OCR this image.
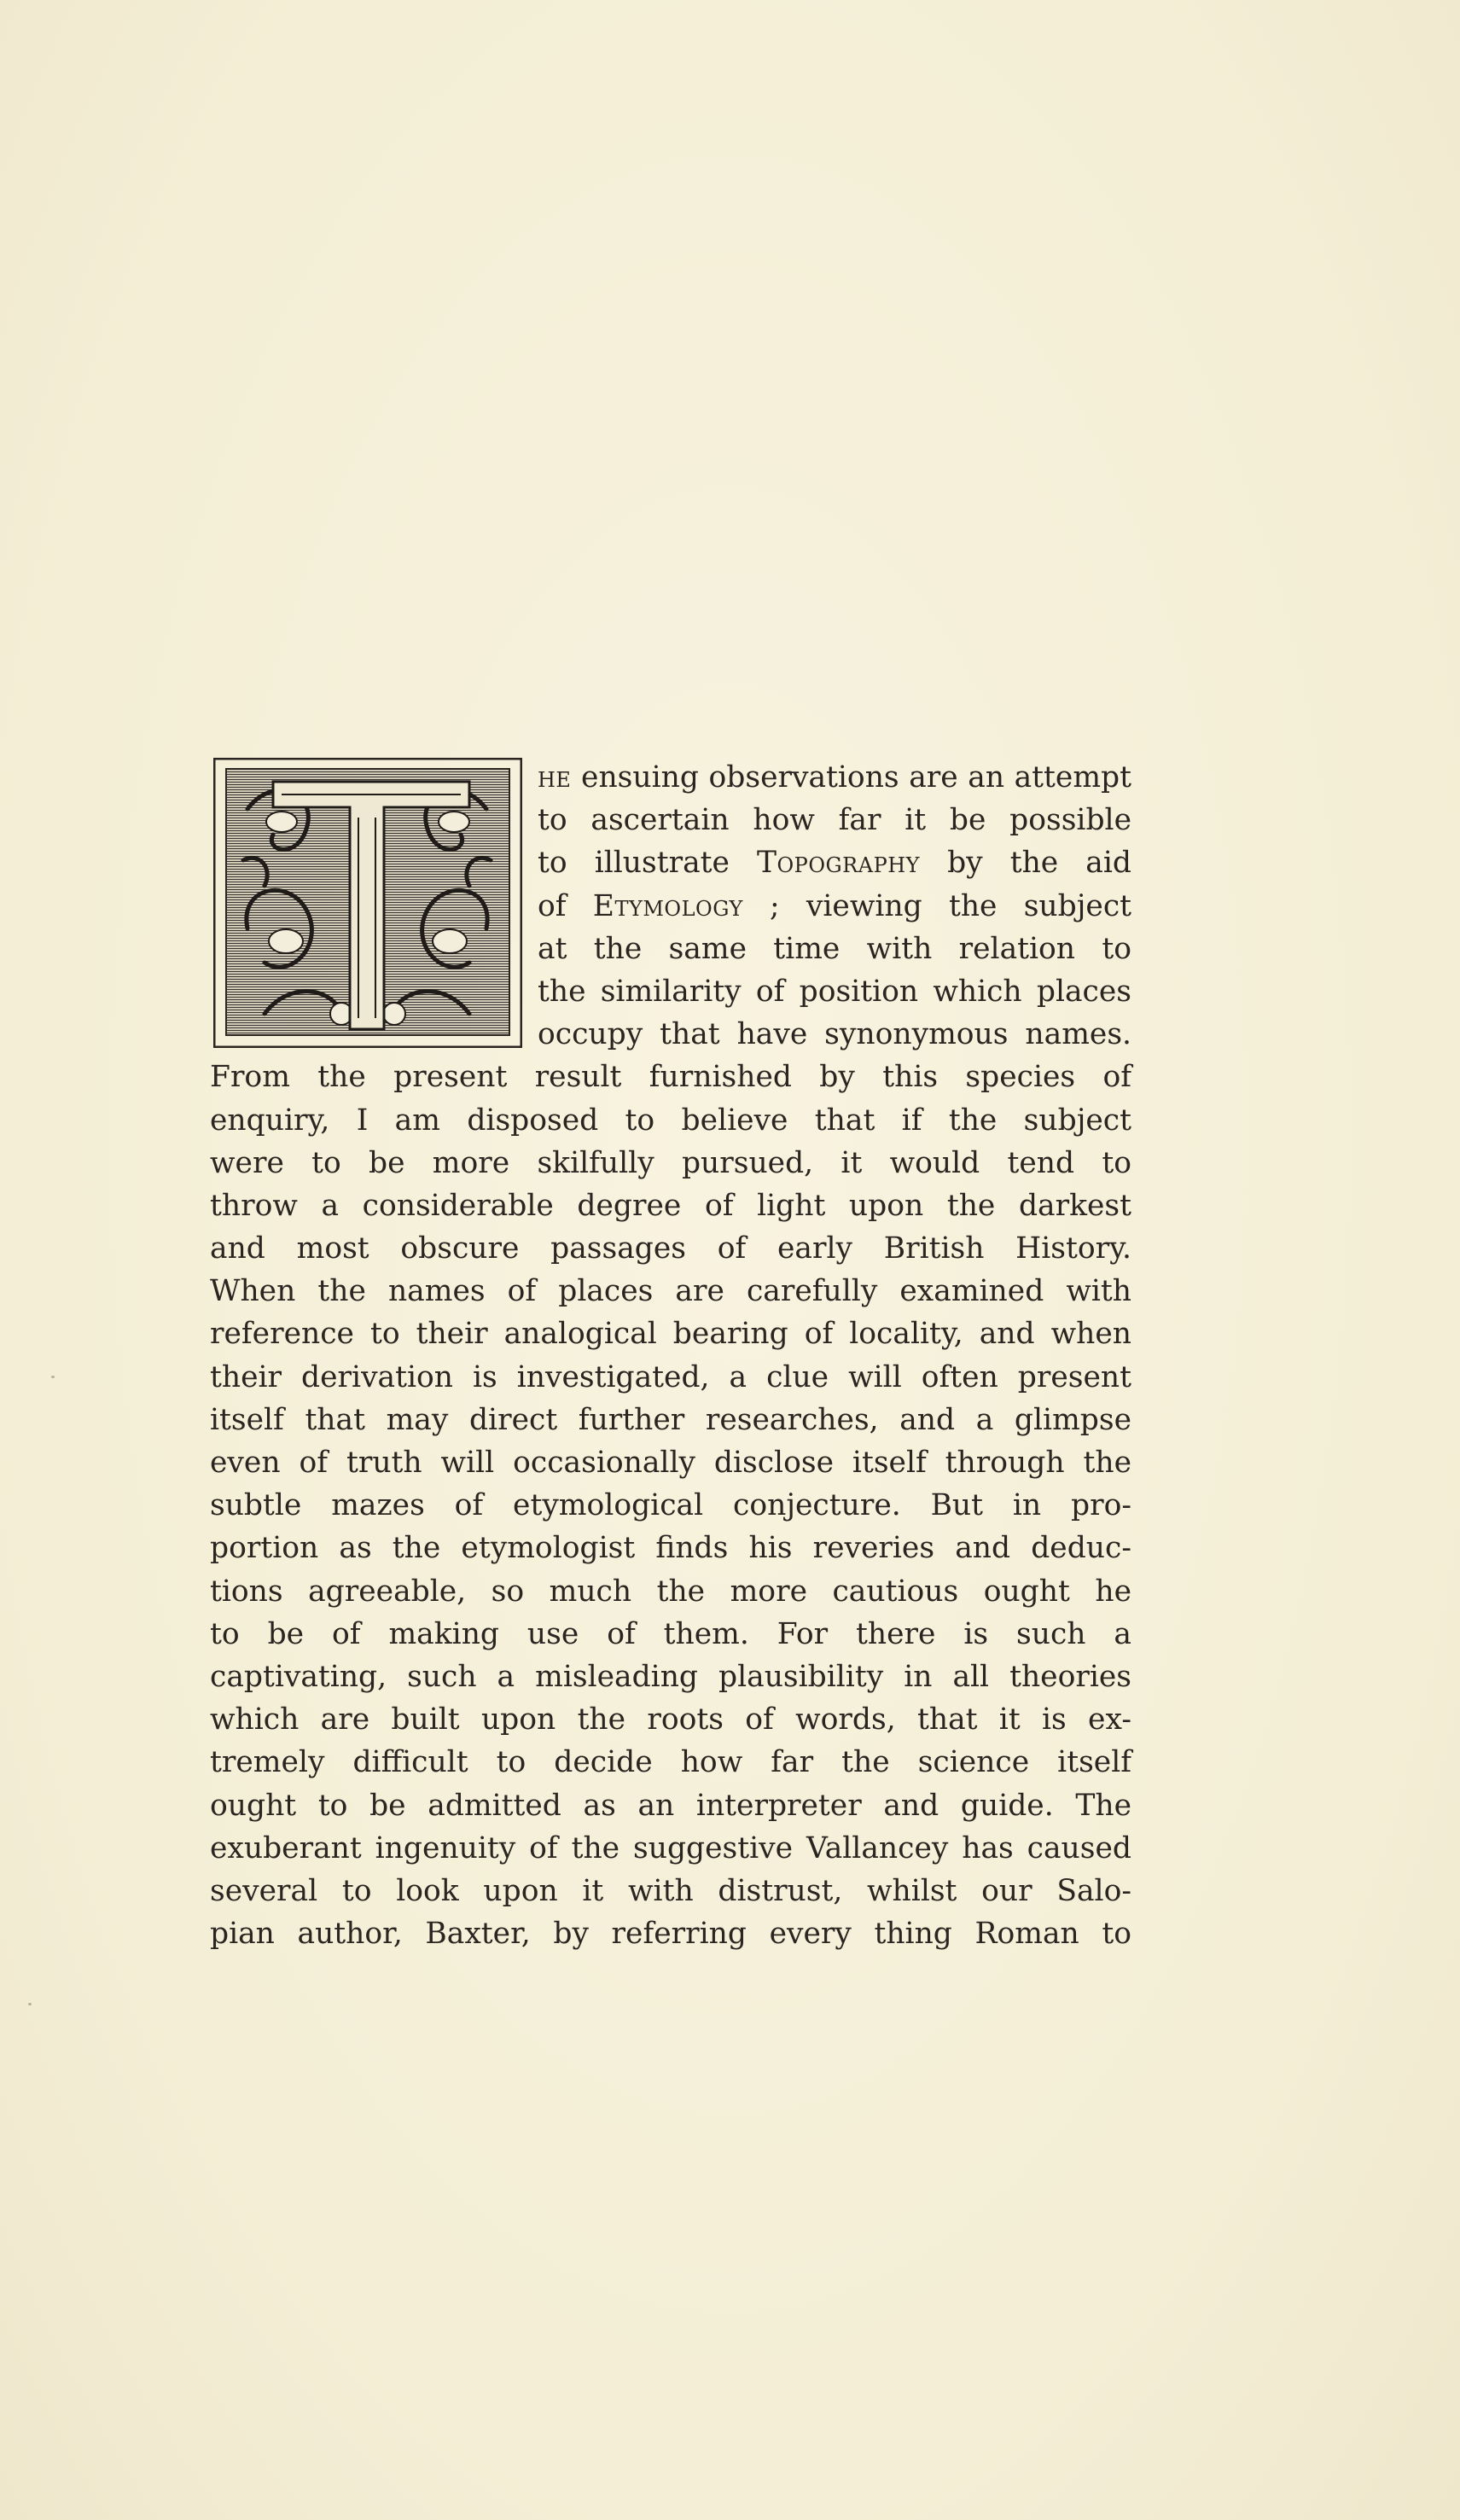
he ensuing observations are an attempt
to ascertain how far it be possible
to illustrate Topography by the aid
of Etymology ; viewing the subject
at the same time with relation to
the similarity of position which places
occupy that have synonymous names.
From the present result furnished by this species of
enquiry, I am disposed to believe that if the subject
were to be more skilfully pursued, it would tend to
throw a considerable degree of light upon the darkest
and most obscure passages of early British History.
When the names of places are carefully examined with
reference to their analogical bearing of locality, and when
their derivation is investigated, a clue will often present
itself that may direct further researches, and a glimpse
even of truth will occasionally disclose itself through the
subtle mazes of etymological conjecture. But in pro-
portion as the etymologist finds his reveries and deduc-
tions agreeable, so much the more cautious ought he
to be of making use of them. For there is such a
captivating, such a misleading plausibility in all theories
which are built upon the roots of words, that it is ex-
tremely difficult to decide how far the science itself
ought to be admitted as an interpreter and guide. The
exuberant ingenuity of the suggestive Vallancey has caused
several to look upon it with distrust, whilst our Salo-
pian author, Baxter, by referring every thing Roman to
